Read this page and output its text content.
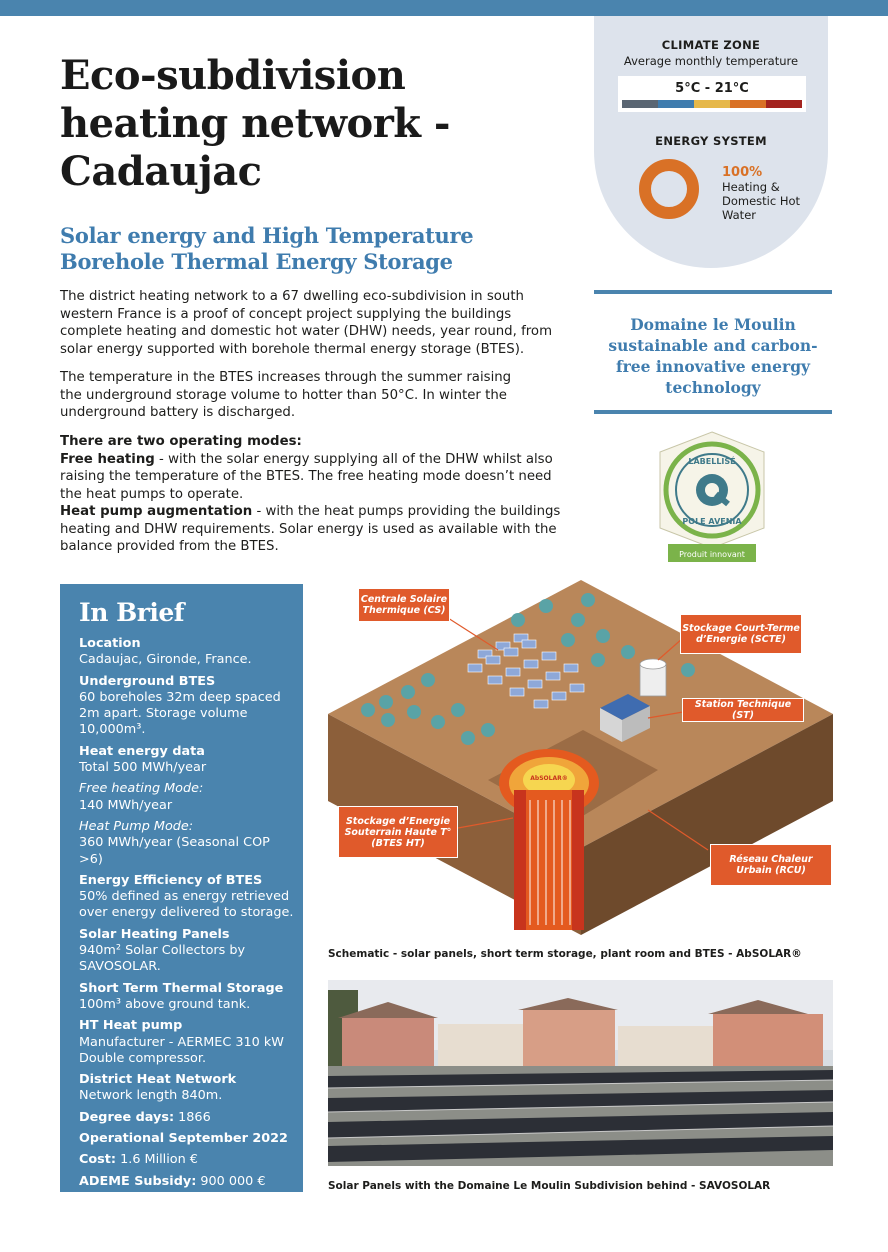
Eco-subdivision heating network - Cadaujac
Solar energy and High Temperature Borehole Thermal Energy Storage

The district heating network to a 67 dwelling eco-subdivision in south western France is a proof of concept project supplying the buildings complete heating and domestic hot water (DHW) needs, year round, from solar energy supported with borehole thermal energy storage (BTES).

The temperature in the BTES increases through the summer raising the underground storage volume to hotter than 50°C. In winter the underground battery is discharged.

There are two operating modes:
Free heating - with the solar energy supplying all of the DHW whilst also raising the temperature of the BTES. The free heating mode doesn’t need the heat pumps to operate.
Heat pump augmentation - with the heat pumps providing the buildings heating and DHW requirements. Solar energy is used as available with the balance provided from the BTES.

CLIMATE ZONE
Average monthly temperature
5°C - 21°C
ENERGY SYSTEM
100%
Heating & Domestic Hot Water
Domaine le Moulin sustainable and carbon-free innovative energy technology
LABELLISÉ
POLE AVENIA
Produit innovant
In Brief
Location
Cadaujac, Gironde, France.
Underground BTES
60 boreholes 32m deep spaced 2m apart. Storage volume 10,000m³.
Heat energy data
Total 500 MWh/year
Free heating Mode:
140 MWh/year
Heat Pump Mode:
360 MWh/year (Seasonal COP >6)
Energy Efficiency of BTES
50% defined as energy retrieved over energy delivered to storage.
Solar Heating Panels
940m² Solar Collectors by SAVOSOLAR.
Short Term Thermal Storage
100m³ above ground tank.
HT Heat pump
Manufacturer - AERMEC 310 kW Double compressor.
District Heat Network
Network length 840m.
Degree days: 1866
Operational September 2022
Cost: 1.6 Million €
ADEME Subsidy: 900 000 €
AbSOLAR®
Centrale Solaire Thermique (CS)
Stockage Court-Terme d’Energie (SCTE)
Station Technique (ST)
Stockage d’Energie Souterrain Haute T° (BTES HT)
Réseau Chaleur Urbain (RCU)
Schematic - solar panels, short term storage, plant room and BTES - AbSOLAR®
Solar Panels with the Domaine Le Moulin Subdivision behind - SAVOSOLAR
